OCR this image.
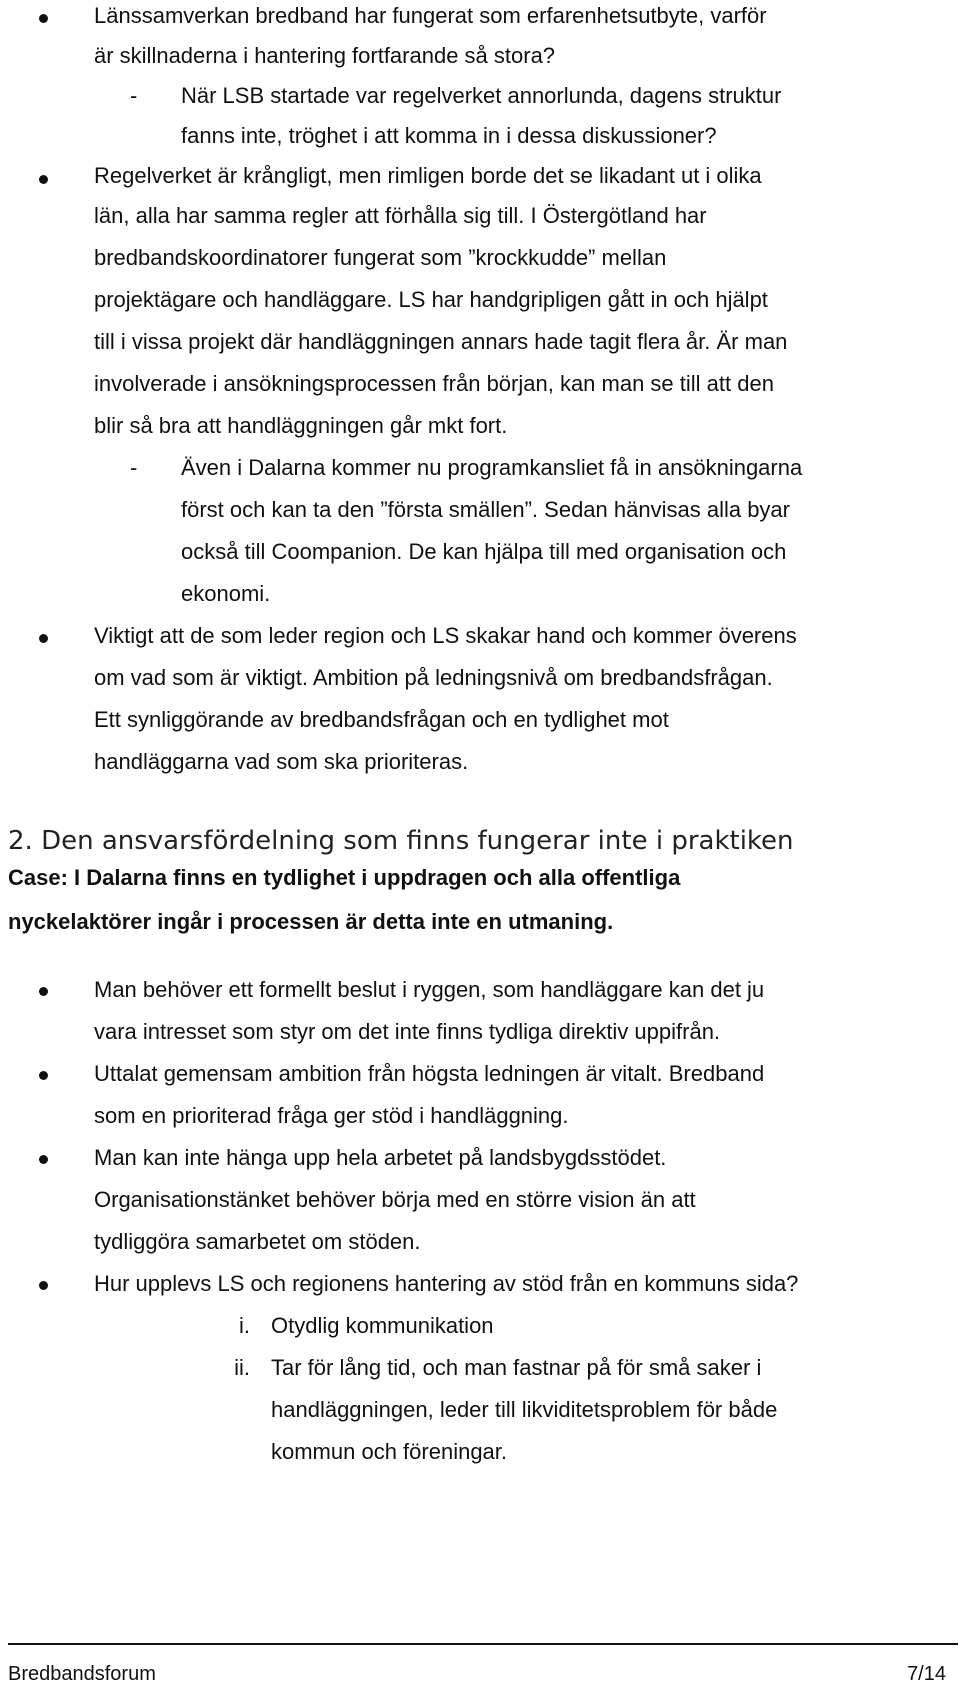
Länssamverkan bredband har fungerat som erfarenhetsutbyte, varför
är skillnaderna i hantering fortfarande så stora?
- När LSB startade var regelverket annorlunda, dagens struktur
fanns inte, tröghet i att komma in i dessa diskussioner?
Regelverket är krångligt, men rimligen borde det se likadant ut i olika
län, alla har samma regler att förhålla sig till. I Östergötland har
bredbandskoordinatorer fungerat som ”krockkudde” mellan
projektägare och handläggare. LS har handgripligen gått in och hjälpt
till i vissa projekt där handläggningen annars hade tagit flera år. Är man
involverade i ansökningsprocessen från början, kan man se till att den
blir så bra att handläggningen går mkt fort.
- Även i Dalarna kommer nu programkansliet få in ansökningarna
först och kan ta den ”första smällen”. Sedan hänvisas alla byar
också till Coompanion. De kan hjälpa till med organisation och
ekonomi.
Viktigt att de som leder region och LS skakar hand och kommer överens
om vad som är viktigt. Ambition på ledningsnivå om bredbandsfrågan.
Ett synliggörande av bredbandsfrågan och en tydlighet mot
handläggarna vad som ska prioriteras.
2. Den ansvarsfördelning som finns fungerar inte i praktiken
Case: I Dalarna finns en tydlighet i uppdragen och alla offentliga
nyckelaktörer ingår i processen är detta inte en utmaning.
Man behöver ett formellt beslut i ryggen, som handläggare kan det ju
vara intresset som styr om det inte finns tydliga direktiv uppifrån.
Uttalat gemensam ambition från högsta ledningen är vitalt. Bredband
som en prioriterad fråga ger stöd i handläggning.
Man kan inte hänga upp hela arbetet på landsbygdsstödet.
Organisationstänket behöver börja med en större vision än att
tydliggöra samarbetet om stöden.
Hur upplevs LS och regionens hantering av stöd från en kommuns sida?
i. Otydlig kommunikation
ii. Tar för lång tid, och man fastnar på för små saker i
handläggningen, leder till likviditetsproblem för både
kommun och föreningar.
Bredbandsforum	7/14
